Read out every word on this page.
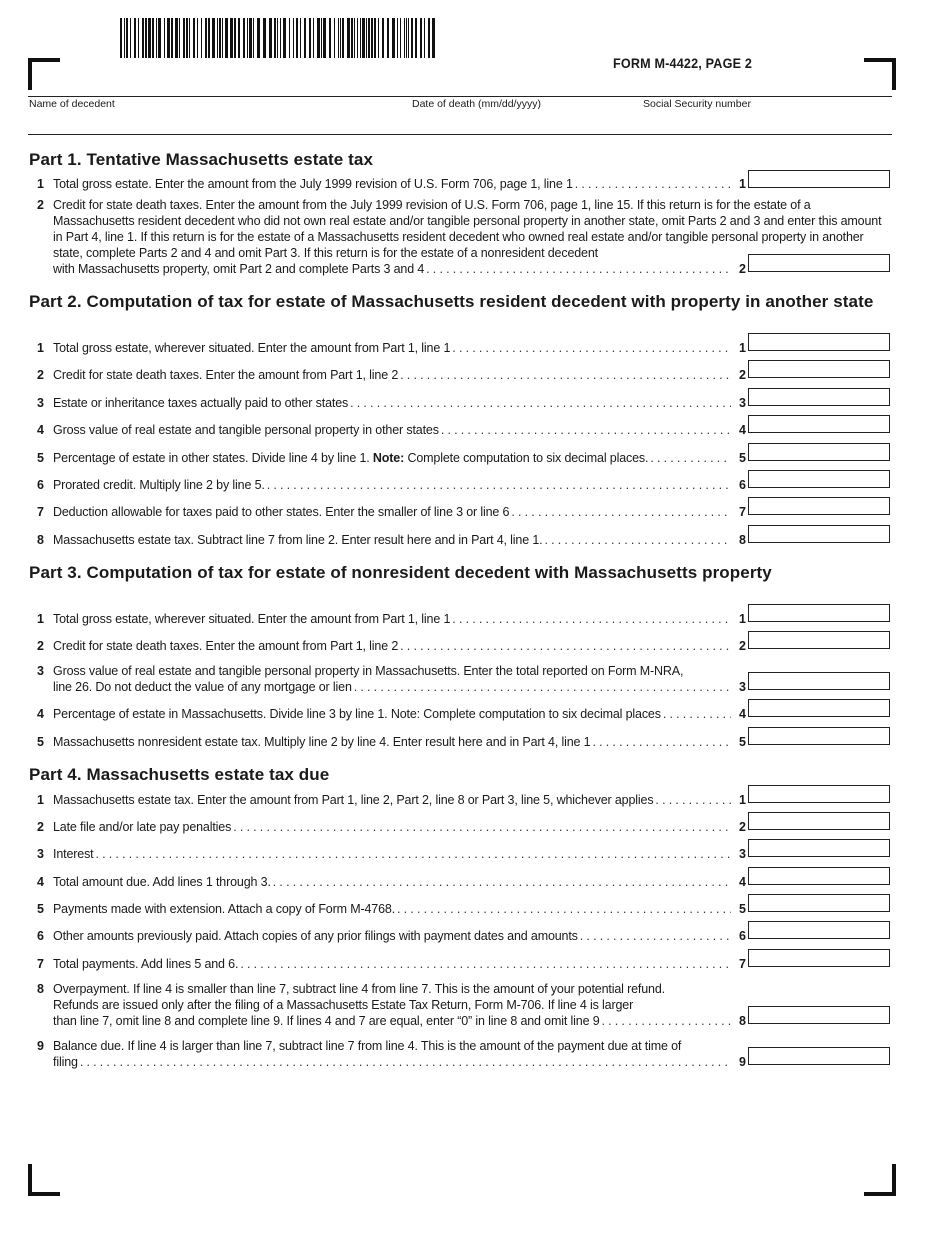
FORM M-4422, PAGE 2
Name of decedent	Date of death (mm/dd/yyyy)	Social Security number
Part 1. Tentative Massachusetts estate tax
1 Total gross estate. Enter the amount from the July 1999 revision of U.S. Form 706, page 1, line 1 . . .	1
2 Credit for state death taxes. Enter the amount from the July 1999 revision of U.S. Form 706, page 1, line 15. If this return is for the estate of a Massachusetts resident decedent who did not own real estate and/or tangible personal property in another state, omit Parts 2 and 3 and enter this amount in Part 4, line 1. If this return is for the estate of a Massachusetts resident decedent who owned real estate and/or tangible personal property in another state, complete Parts 2 and 4 and omit Part 3. If this return is for the estate of a nonresident decedent
with Massachusetts property, omit Part 2 and complete Parts 3 and 4 . . .	2
Part 2. Computation of tax for estate of Massachusetts resident decedent with property in another state
1 Total gross estate, wherever situated. Enter the amount from Part 1, line 1 . . .	1
2 Credit for state death taxes. Enter the amount from Part 1, line 2 . . .	2
3 Estate or inheritance taxes actually paid to other states . . .	3
4 Gross value of real estate and tangible personal property in other states . . .	4
5 Percentage of estate in other states. Divide line 4 by line 1. Note: Complete computation to six decimal places. . . .	5
6 Prorated credit. Multiply line 2 by line 5. . . .	6
7 Deduction allowable for taxes paid to other states. Enter the smaller of line 3 or line 6 . . .	7
8 Massachusetts estate tax. Subtract line 7 from line 2. Enter result here and in Part 4, line 1. . . .	8
Part 3. Computation of tax for estate of nonresident decedent with Massachusetts property
1 Total gross estate, wherever situated. Enter the amount from Part 1, line 1 . . .	1
2 Credit for state death taxes. Enter the amount from Part 1, line 2 . . .	2
3 Gross value of real estate and tangible personal property in Massachusetts. Enter the total reported on Form M-NRA,
line 26. Do not deduct the value of any mortgage or lien . . .	3
4 Percentage of estate in Massachusetts. Divide line 3 by line 1. Note: Complete computation to six decimal places . . .	4
5 Massachusetts nonresident estate tax. Multiply line 2 by line 4. Enter result here and in Part 4, line 1 . . .	5
Part 4. Massachusetts estate tax due
1 Massachusetts estate tax. Enter the amount from Part 1, line 2, Part 2, line 8 or Part 3, line 5, whichever applies . . .	1
2 Late file and/or late pay penalties . . .	2
3 Interest . . .	3
4 Total amount due. Add lines 1 through 3. . . .	4
5 Payments made with extension. Attach a copy of Form M-4768. . . .	5
6 Other amounts previously paid. Attach copies of any prior filings with payment dates and amounts . . .	6
7 Total payments. Add lines 5 and 6. . . .	7
8 Overpayment. If line 4 is smaller than line 7, subtract line 4 from line 7. This is the amount of your potential refund. Refunds are issued only after the filing of a Massachusetts Estate Tax Return, Form M-706. If line 4 is larger
than line 7, omit line 8 and complete line 9. If lines 4 and 7 are equal, enter “0” in line 8 and omit line 9 . . .	8
9 Balance due. If line 4 is larger than line 7, subtract line 7 from line 4. This is the amount of the payment due at time of
filing . . .	9
